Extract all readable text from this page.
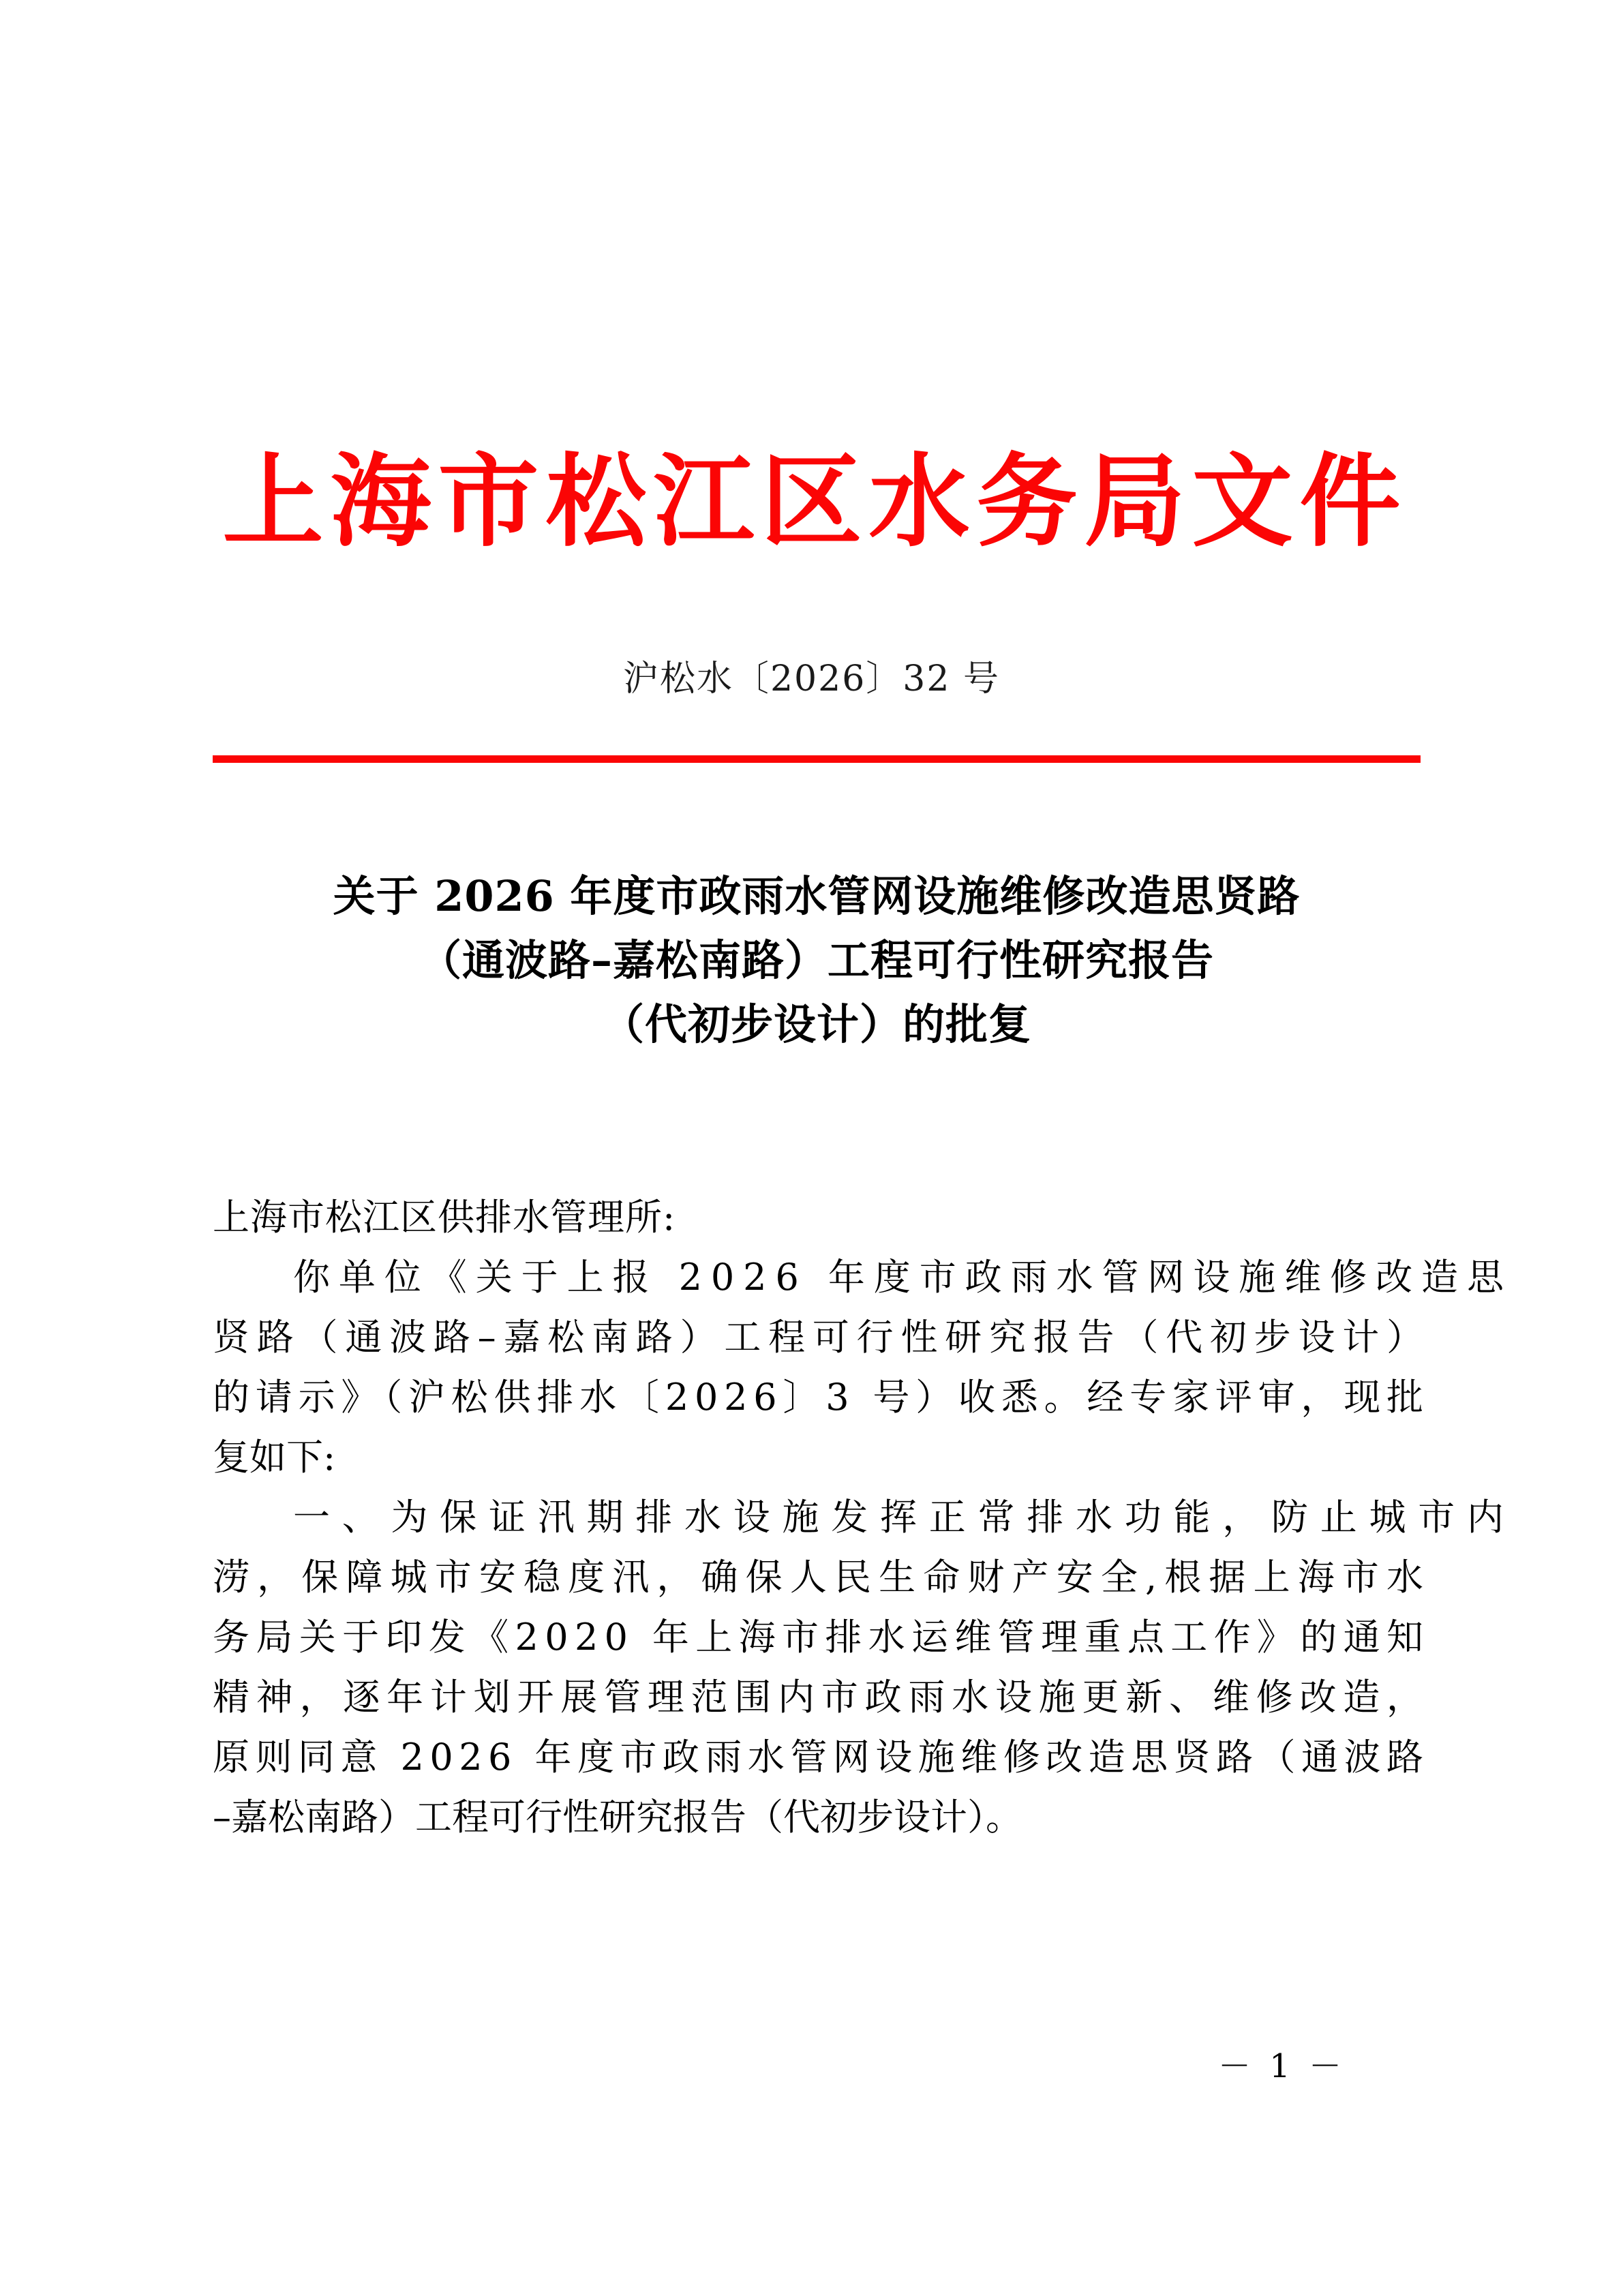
上海市松江区水务局文件
沪松水〔2026〕32 号
关于 2026 年度市政雨水管网设施维修改造思贤路
（通波路–嘉松南路）工程可行性研究报告
（代初步设计）的批复
上海市松江区供排水管理所:
你单位《关于上报 2026 年度市政雨水管网设施维修改造思
贤路（通波路–嘉松南路）工程可行性研究报告（代初步设计）
的请示》（沪松供排水〔2026〕3 号）收悉。经专家评审，现批
复如下:
一、为保证汛期排水设施发挥正常排水功能，防止城市内
涝，保障城市安稳度汛，确保人民生命财产安全,根据上海市水
务局关于印发《2020 年上海市排水运维管理重点工作》的通知
精神，逐年计划开展管理范围内市政雨水设施更新、维修改造，
原则同意 2026 年度市政雨水管网设施维修改造思贤路（通波路
–嘉松南路）工程可行性研究报告（代初步设计）。
－ 1 －
